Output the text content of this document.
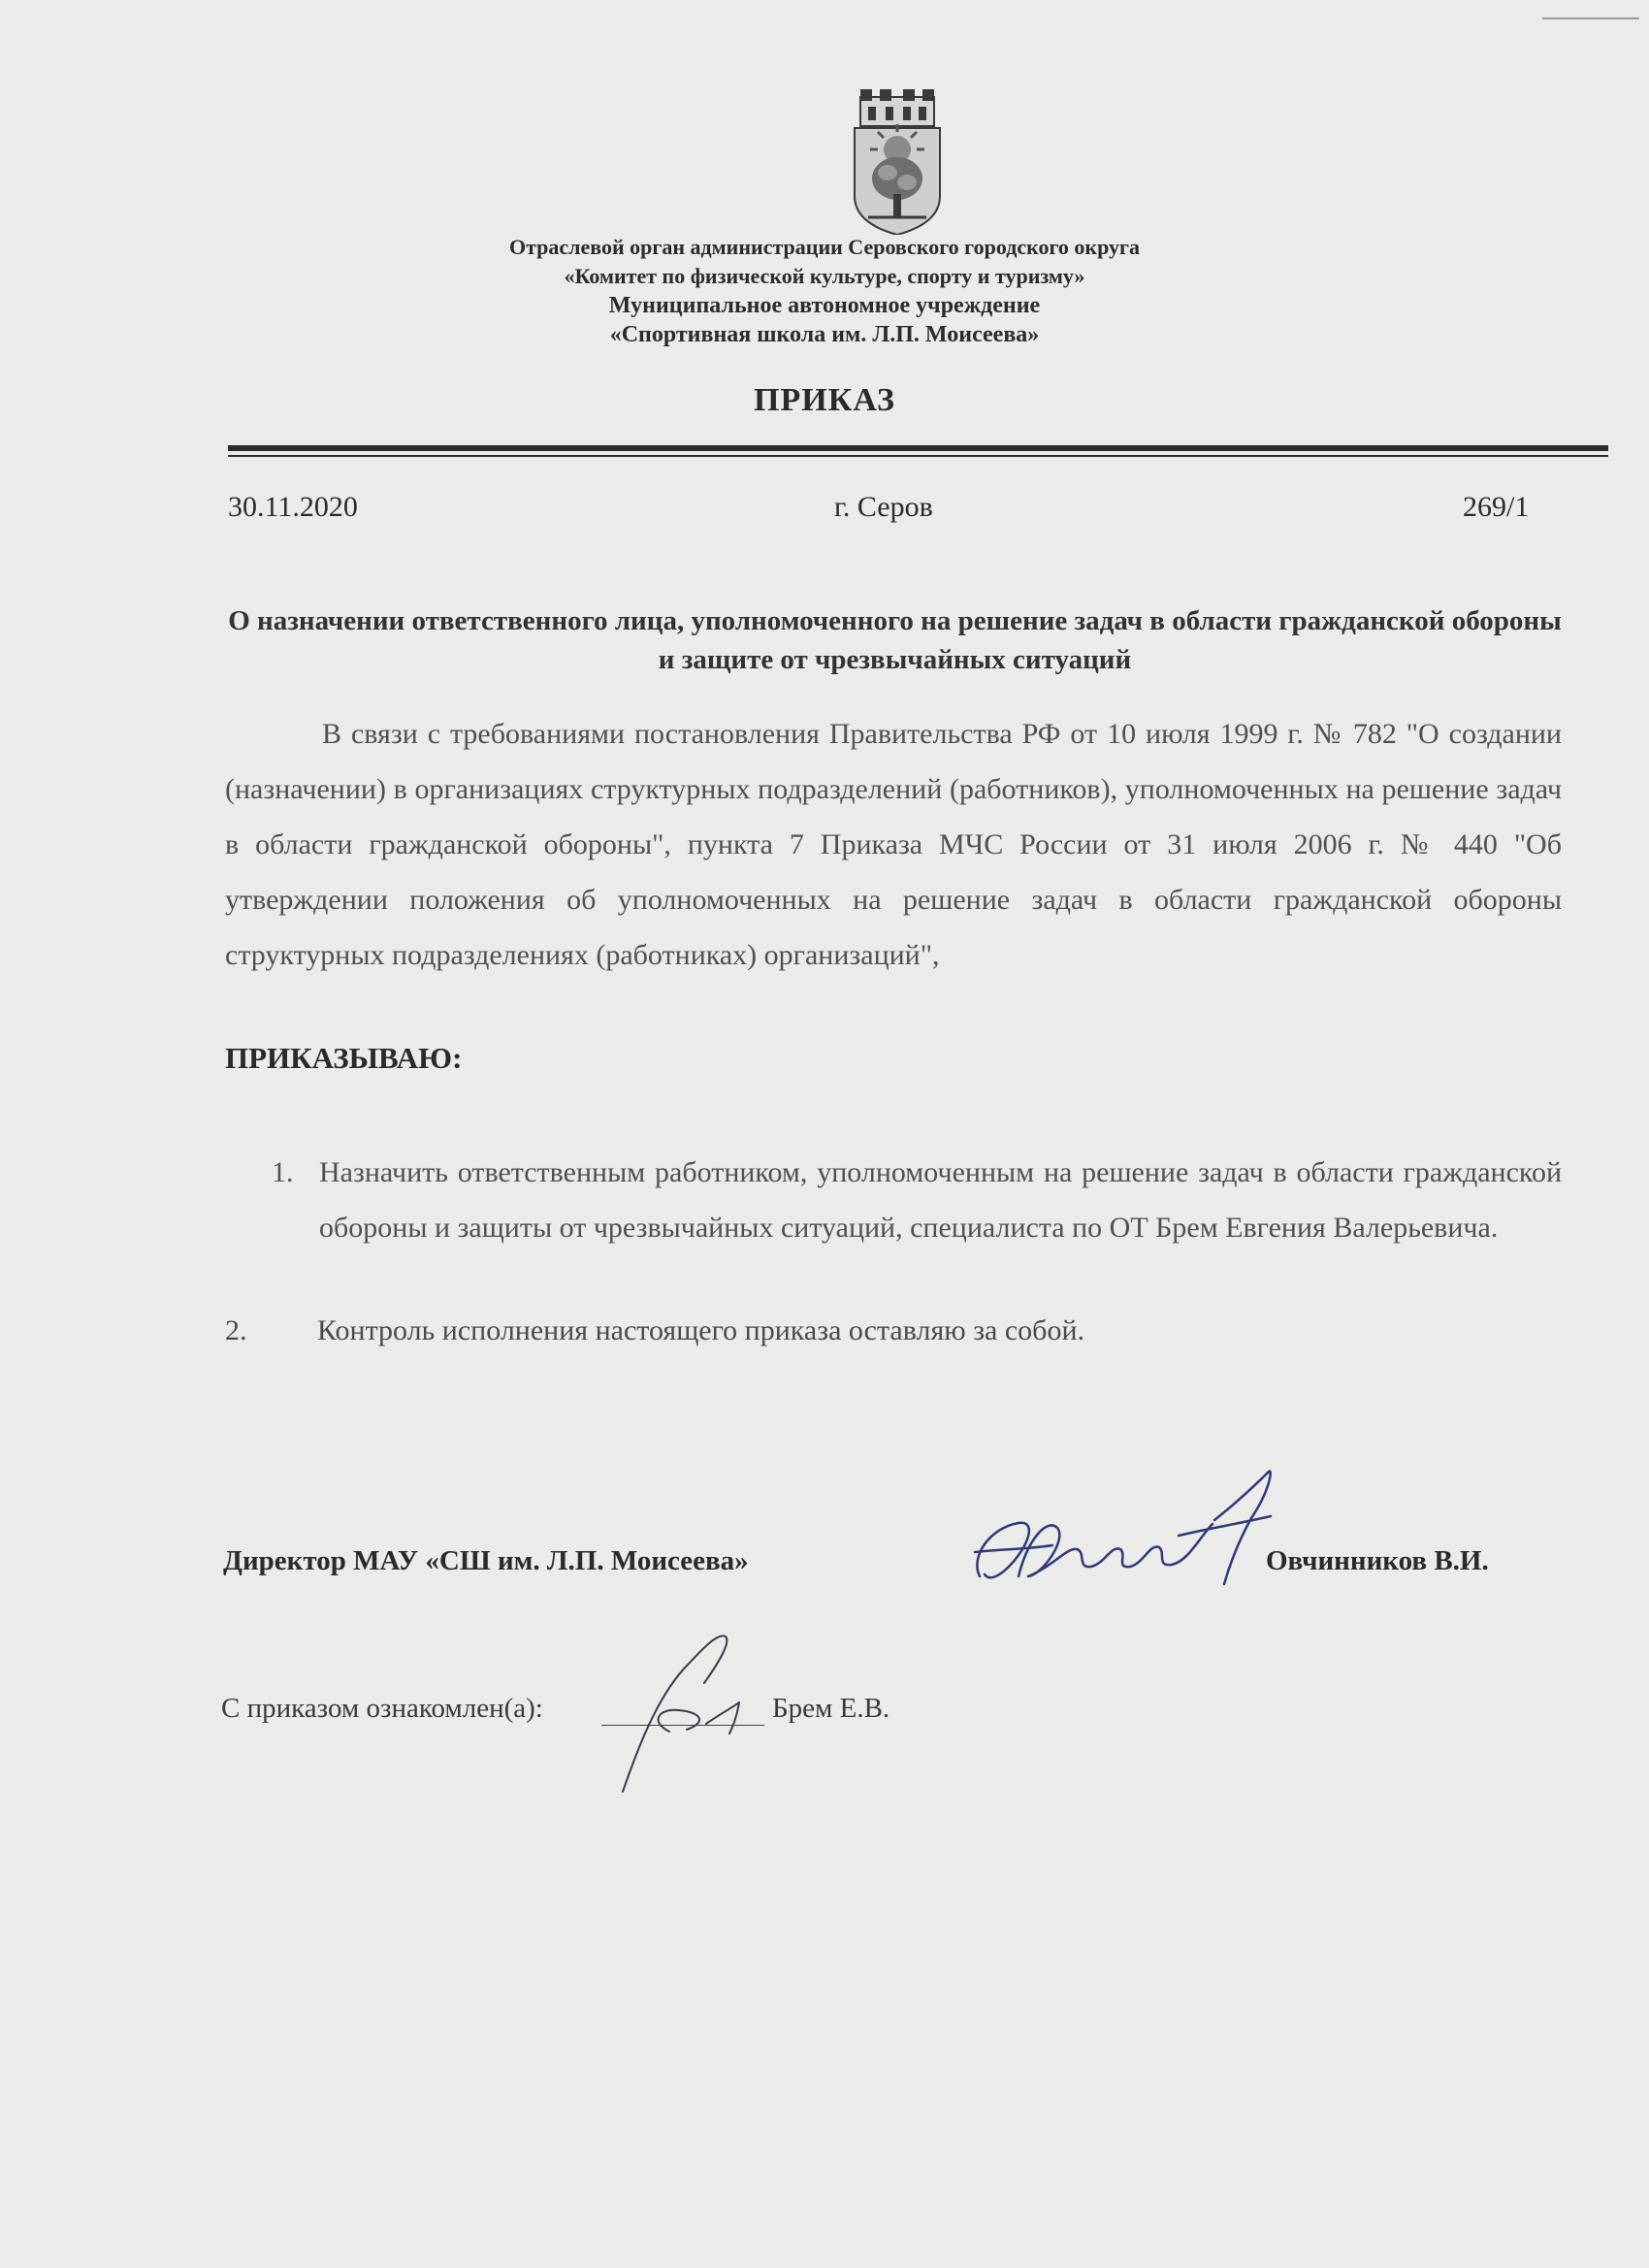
Отраслевой орган администрации Серовского городского округа
«Комитет по физической культуре, спорту и туризму»
Муниципальное автономное учреждение
«Спортивная школа им. Л.П. Моисеева»
ПРИКАЗ
30.11.2020	г. Серов	269/1
О назначении ответственного лица, уполномоченного на решение задач в области гражданской обороны и защите от чрезвычайных ситуаций
В связи с требованиями постановления Правительства РФ от 10 июля 1999 г. № 782 "О создании (назначении) в организациях структурных подразделений (работников), уполномоченных на решение задач в области гражданской обороны", пункта 7 Приказа МЧС России от 31 июля 2006 г. № 440 "Об утверждении положения об уполномоченных на решение задач в области гражданской обороны структурных подразделениях (работниках) организаций",
ПРИКАЗЫВАЮ:
1. Назначить ответственным работником, уполномоченным на решение задач в области гражданской обороны и защиты от чрезвычайных ситуаций, специалиста по ОТ Брем Евгения Валерьевича.
2. Контроль исполнения настоящего приказа оставляю за собой.
Директор МАУ «СШ им. Л.П. Моисеева»	Овчинников В.И.
С приказом ознакомлен(а):	Брем Е.В.
